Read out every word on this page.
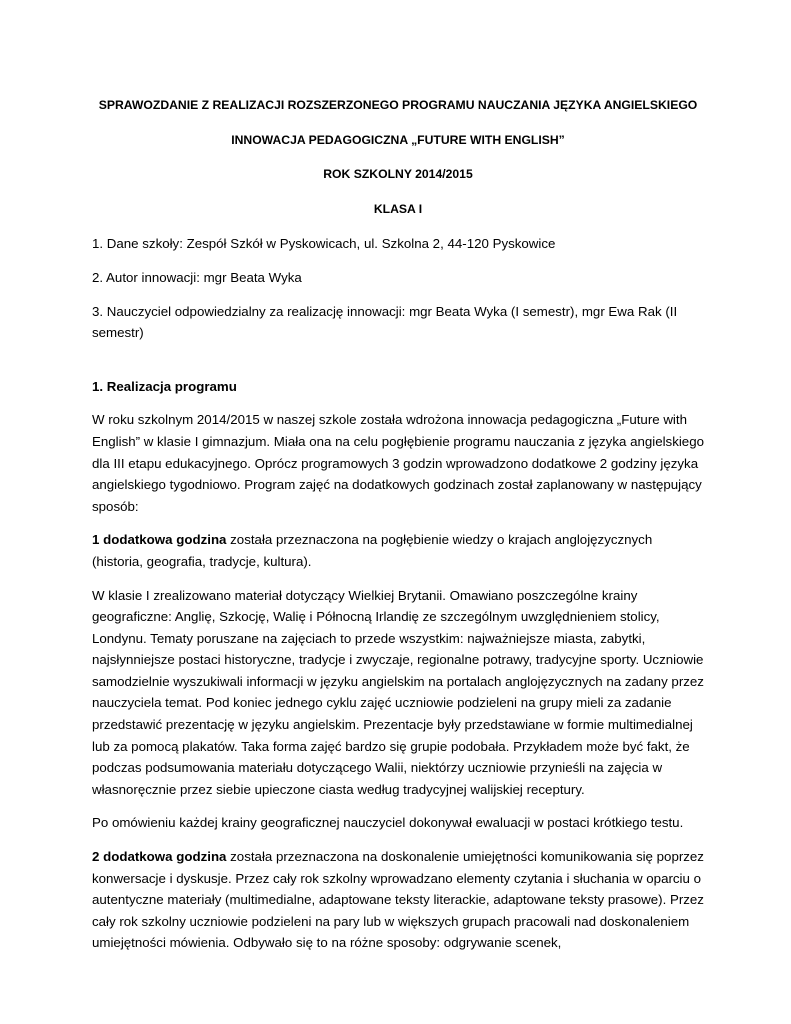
SPRAWOZDANIE Z REALIZACJI ROZSZERZONEGO PROGRAMU NAUCZANIA JĘZYKA ANGIELSKIEGO
INNOWACJA PEDAGOGICZNA „FUTURE WITH ENGLISH”
ROK SZKOLNY 2014/2015
KLASA I

1. Dane szkoły: Zespół Szkół w Pyskowicach, ul. Szkolna 2, 44-120 Pyskowice

2. Autor innowacji: mgr Beata Wyka

3. Nauczyciel odpowiedzialny za realizację innowacji: mgr Beata Wyka (I semestr), mgr Ewa Rak (II semestr)

1. Realizacja programu

W roku szkolnym 2014/2015 w naszej szkole została wdrożona innowacja pedagogiczna „Future with English” w klasie I gimnazjum. Miała ona na celu pogłębienie programu nauczania z języka angielskiego dla III etapu edukacyjnego. Oprócz programowych 3 godzin wprowadzono dodatkowe 2 godziny języka angielskiego tygodniowo. Program zajęć na dodatkowych godzinach został zaplanowany w następujący sposób:

1 dodatkowa godzina została przeznaczona na pogłębienie wiedzy o krajach anglojęzycznych (historia, geografia, tradycje, kultura).

W klasie I zrealizowano materiał dotyczący Wielkiej Brytanii. Omawiano poszczególne krainy geograficzne: Anglię, Szkocję, Walię i Północną Irlandię ze szczególnym uwzględnieniem stolicy, Londynu. Tematy poruszane na zajęciach to przede wszystkim: najważniejsze miasta, zabytki, najsłynniejsze postaci historyczne, tradycje i zwyczaje, regionalne potrawy, tradycyjne sporty. Uczniowie samodzielnie wyszukiwali informacji w języku angielskim na portalach anglojęzycznych na zadany przez nauczyciela temat. Pod koniec jednego cyklu zajęć uczniowie podzieleni na grupy mieli za zadanie przedstawić prezentację w języku angielskim. Prezentacje były przedstawiane w formie multimedialnej lub za pomocą plakatów. Taka forma zajęć bardzo się grupie podobała. Przykładem może być fakt, że podczas podsumowania materiału dotyczącego Walii, niektórzy uczniowie przynieśli na zajęcia w własnoręcznie przez siebie upieczone ciasta według tradycyjnej walijskiej receptury.

Po omówieniu każdej krainy geograficznej nauczyciel dokonywał ewaluacji w postaci krótkiego testu.

2 dodatkowa godzina została przeznaczona na doskonalenie umiejętności komunikowania się poprzez konwersacje i dyskusje. Przez cały rok szkolny wprowadzano elementy czytania i słuchania w oparciu o autentyczne materiały (multimedialne, adaptowane teksty literackie, adaptowane teksty prasowe). Przez cały rok szkolny uczniowie podzieleni na pary lub w większych grupach pracowali nad doskonaleniem umiejętności mówienia. Odbywało się to na różne sposoby: odgrywanie scenek,
